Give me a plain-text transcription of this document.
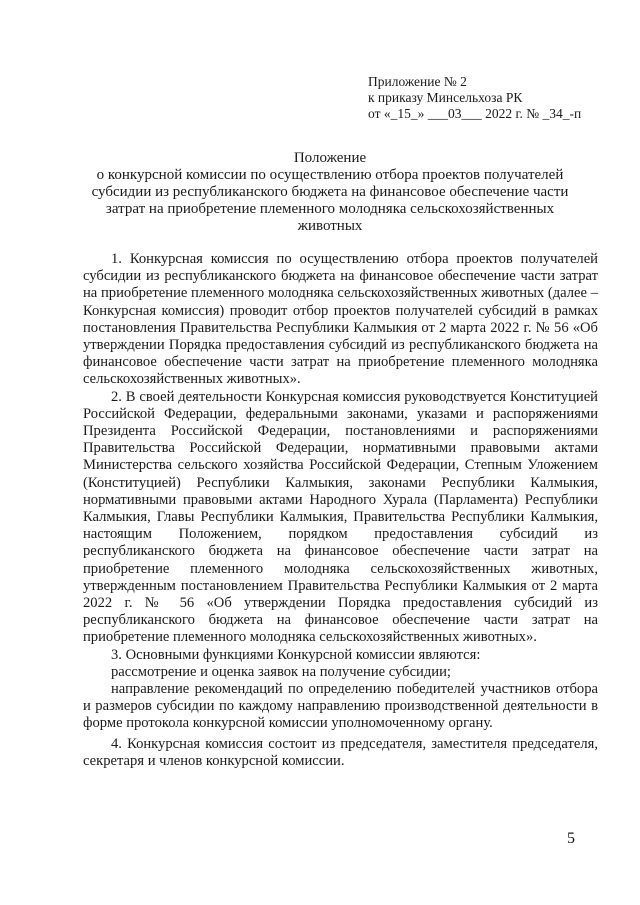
Приложение № 2
к приказу Минсельхоза РК
от «_15_» ___03___ 2022 г. № _34_-п
Положение
о конкурсной комиссии по осуществлению отбора проектов получателей
субсидии из республиканского бюджета на финансовое обеспечение части
затрат на приобретение племенного молодняка сельскохозяйственных
животных

1. Конкурсная комиссия по осуществлению отбора проектов получателей субсидии из республиканского бюджета на финансовое обеспечение части затрат на приобретение племенного молодняка сельскохозяйственных животных (далее – Конкурсная комиссия) проводит отбор проектов получателей субсидий в рамках постановления Правительства Республики Калмыкия от 2 марта 2022 г. № 56 «Об утверждении Порядка предоставления субсидий из республиканского бюджета на финансовое обеспечение части затрат на приобретение племенного молодняка сельскохозяйственных животных».

2. В своей деятельности Конкурсная комиссия руководствуется Конституцией Российской Федерации, федеральными законами, указами и распоряжениями Президента Российской Федерации, постановлениями и распоряжениями Правительства Российской Федерации, нормативными правовыми актами Министерства сельского хозяйства Российской Федерации, Степным Уложением (Конституцией) Республики Калмыкия, законами Республики Калмыкия, нормативными правовыми актами Народного Хурала (Парламента) Республики Калмыкия, Главы Республики Калмыкия, Правительства Республики Калмыкия, настоящим Положением, порядком предоставления субсидий из республиканского бюджета на финансовое обеспечение части затрат на приобретение племенного молодняка сельскохозяйственных животных, утвержденным постановлением Правительства Республики Калмыкия от 2 марта 2022 г. № 56 «Об утверждении Порядка предоставления субсидий из республиканского бюджета на финансовое обеспечение части затрат на приобретение племенного молодняка сельскохозяйственных животных».

3. Основными функциями Конкурсной комиссии являются:

рассмотрение и оценка заявок на получение субсидии;

направление рекомендаций по определению победителей участников отбора и размеров субсидии по каждому направлению производственной деятельности в форме протокола конкурсной комиссии уполномоченному органу.

4. Конкурсная комиссия состоит из председателя, заместителя председателя, секретаря и членов конкурсной комиссии.

5
